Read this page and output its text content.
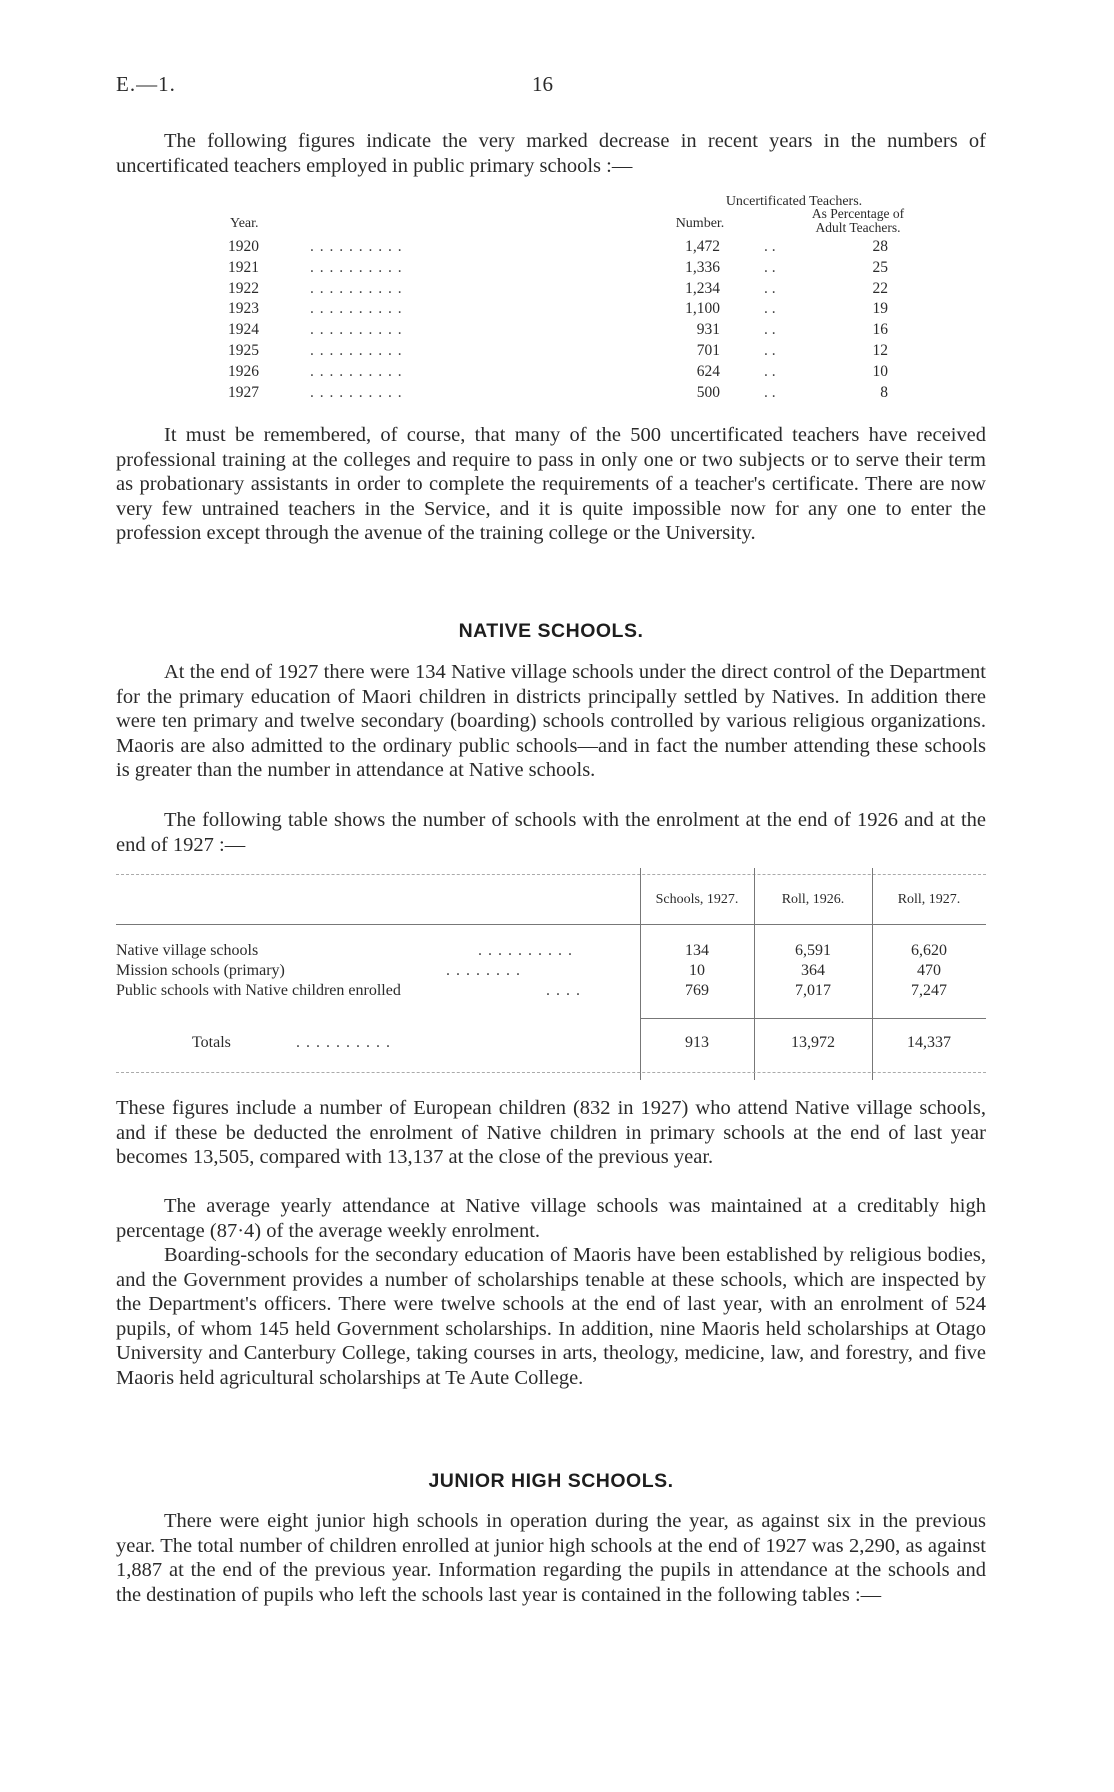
E.—1.	16

The following figures indicate the very marked decrease in recent years in the numbers of uncertificated teachers employed in public primary schools :—

Uncertificated Teachers.
Year.	Number.
As Percentage of
Adult Teachers.
1920	. . . . . . . . . .	1,472	. .	28
1921	. . . . . . . . . .	1,336	. .	25
1922	. . . . . . . . . .	1,234	. .	22
1923	. . . . . . . . . .	1,100	. .	19
1924	. . . . . . . . . .	931	. .	16
1925	. . . . . . . . . .	701	. .	12
1926	. . . . . . . . . .	624	. .	10
1927	. . . . . . . . . .	500	. .	8

It must be remembered, of course, that many of the 500 uncertificated teachers have received professional training at the colleges and require to pass in only one or two subjects or to serve their term as probationary assistants in order to complete the requirements of a teacher's certificate. There are now very few untrained teachers in the Service, and it is quite impossible now for any one to enter the profession except through the avenue of the training college or the University.

NATIVE SCHOOLS.

At the end of 1927 there were 134 Native village schools under the direct control of the Department for the primary education of Maori children in districts principally settled by Natives. In addition there were ten primary and twelve secondary (boarding) schools controlled by various religious organizations. Maoris are also admitted to the ordinary public schools—and in fact the number attending these schools is greater than the number in attendance at Native schools.

The following table shows the number of schools with the enrolment at the end of 1926 and at the end of 1927 :—

Schools, 1927.	Roll, 1926.	Roll, 1927.
Native village schools	. . . . . . . . . .	134	6,591	6,620
Mission schools (primary)	. . . . . . . .	10	364	470
Public schools with Native children enrolled	. . . .	769	7,017	7,247
Totals	. . . . . . . . . .	913	13,972	14,337

These figures include a number of European children (832 in 1927) who attend Native village schools, and if these be deducted the enrolment of Native children in primary schools at the end of last year becomes 13,505, compared with 13,137 at the close of the previous year.

The average yearly attendance at Native village schools was maintained at a creditably high percentage (87·4) of the average weekly enrolment.

Boarding-schools for the secondary education of Maoris have been established by religious bodies, and the Government provides a number of scholarships tenable at these schools, which are inspected by the Department's officers. There were twelve schools at the end of last year, with an enrolment of 524 pupils, of whom 145 held Government scholarships. In addition, nine Maoris held scholarships at Otago University and Canterbury College, taking courses in arts, theology, medicine, law, and forestry, and five Maoris held agricultural scholarships at Te Aute College.

JUNIOR HIGH SCHOOLS.

There were eight junior high schools in operation during the year, as against six in the previous year. The total number of children enrolled at junior high schools at the end of 1927 was 2,290, as against 1,887 at the end of the previous year. Information regarding the pupils in attendance at the schools and the destination of pupils who left the schools last year is contained in the following tables :—
